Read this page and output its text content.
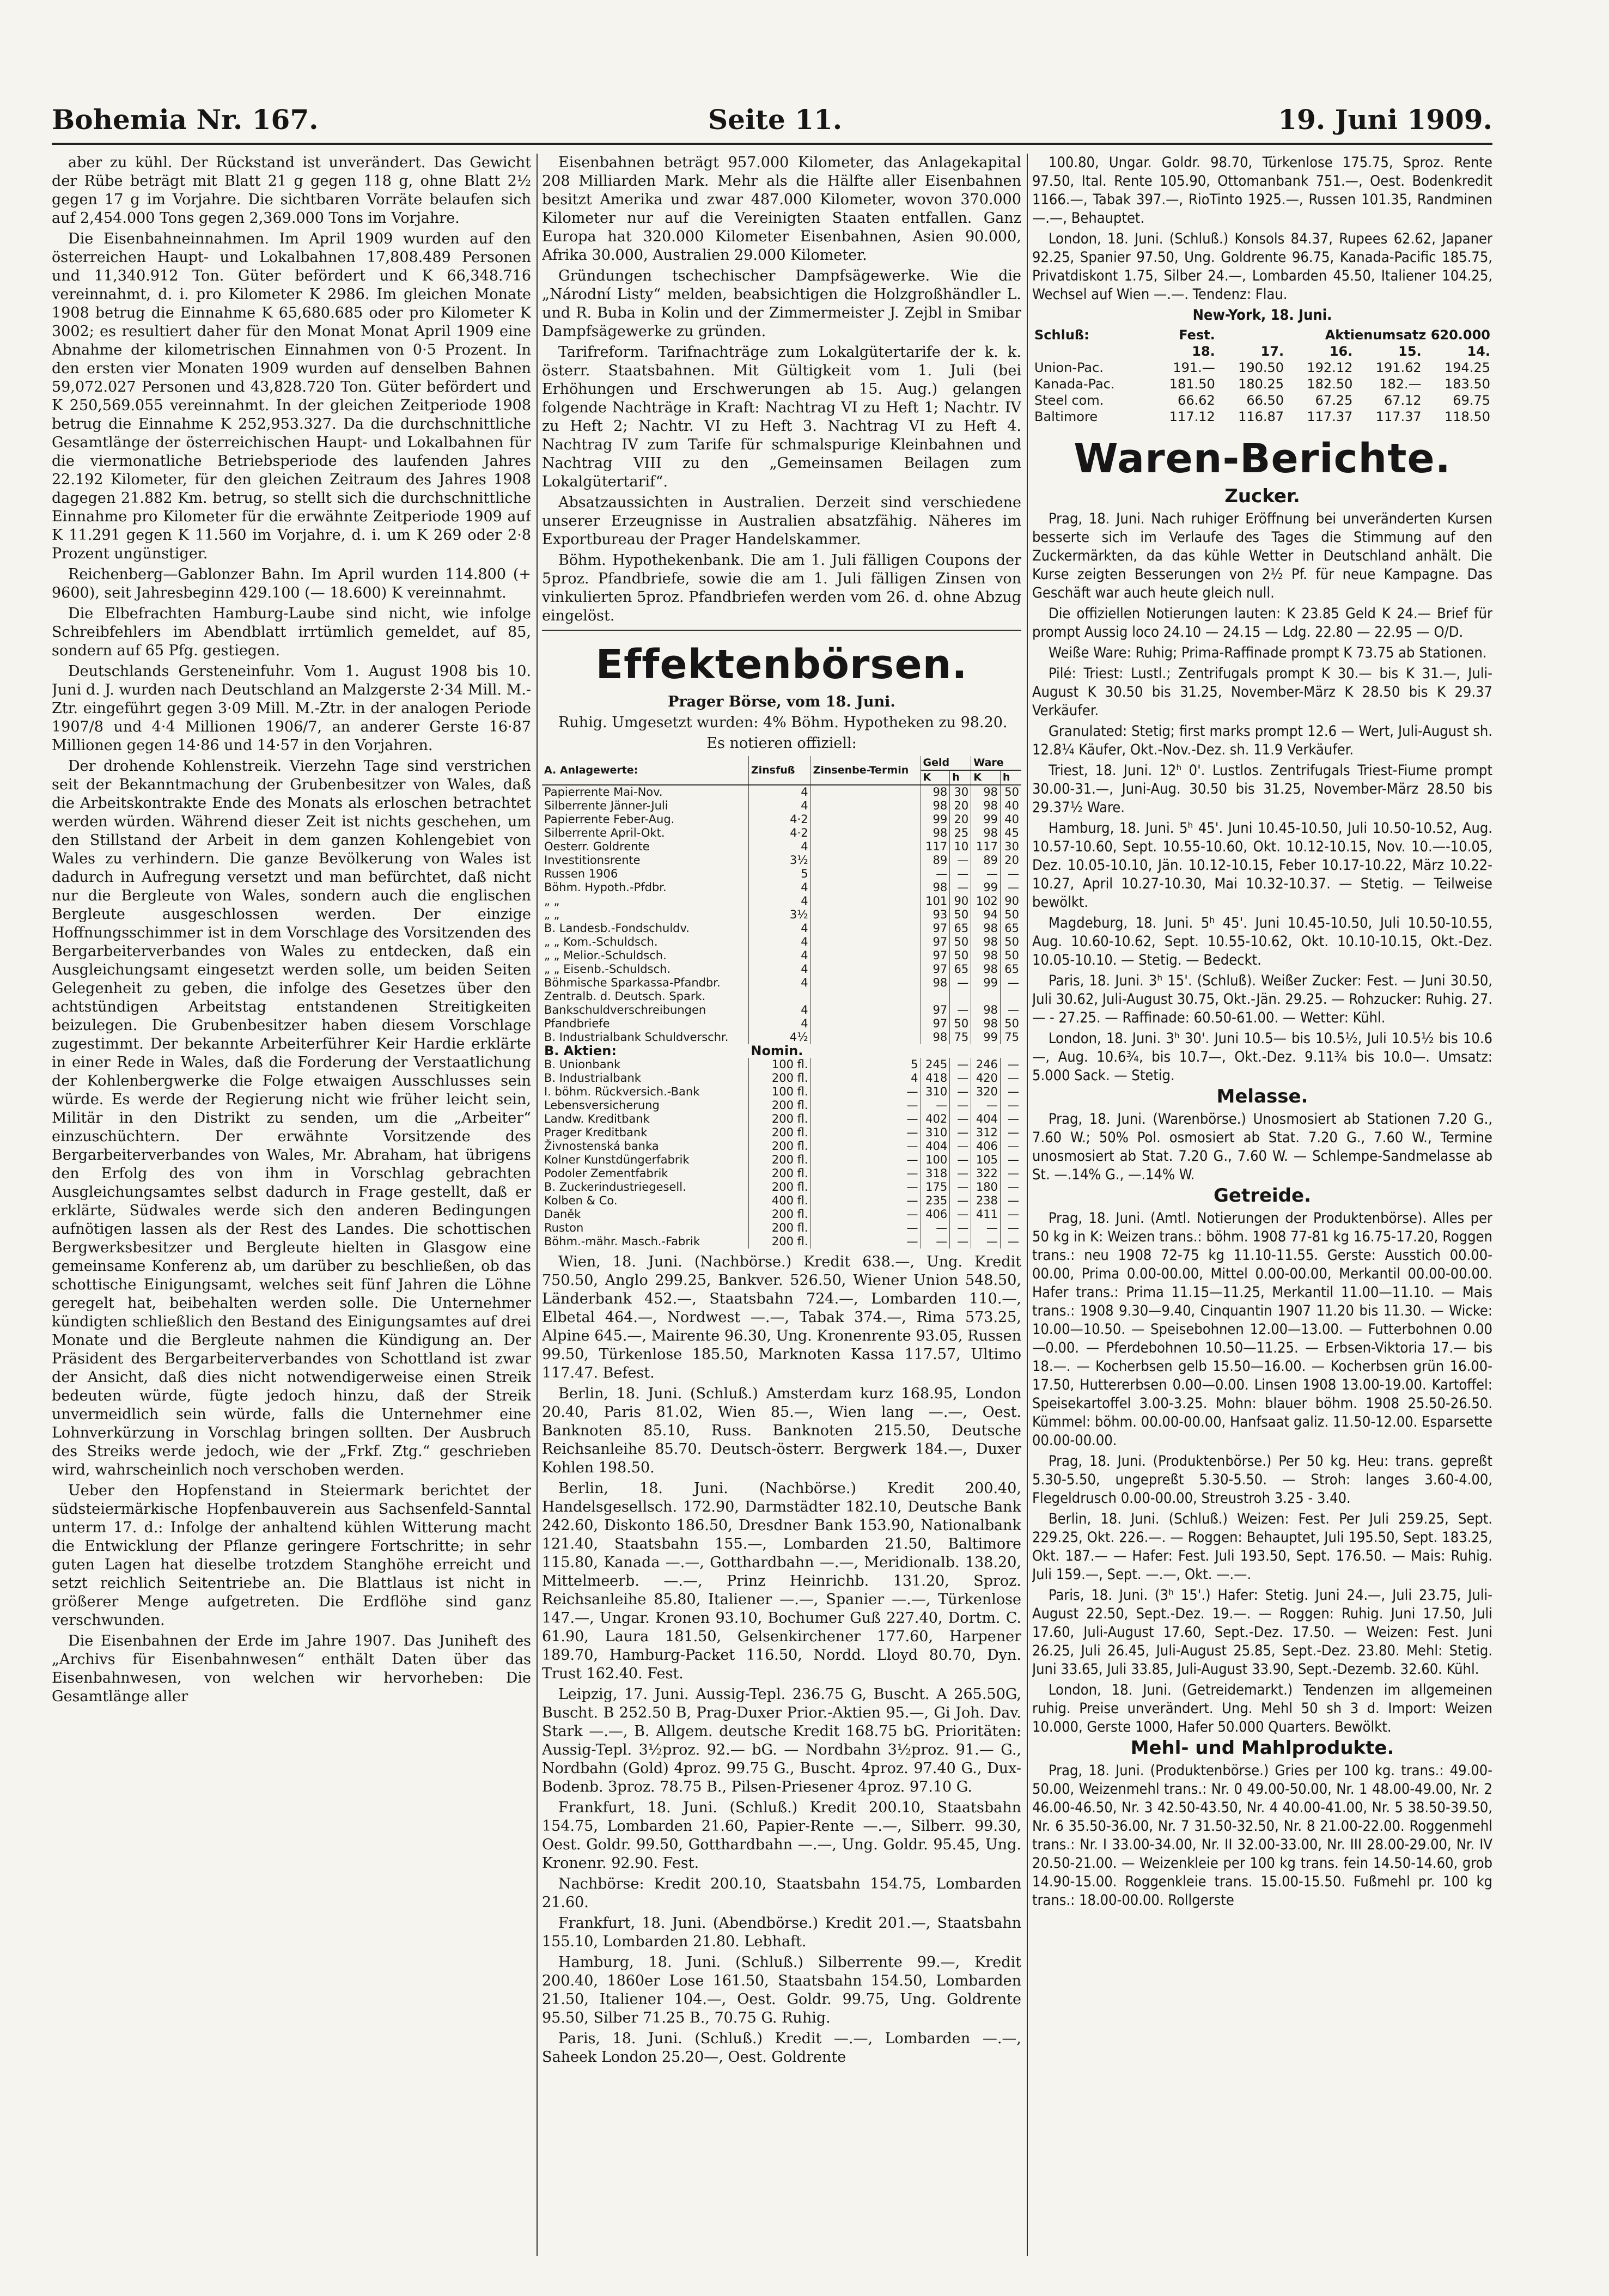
Bohemia Nr. 167.	Seite 11.	19. Juni 1909.

aber zu kühl. Der Rückstand ist unverändert. Das Gewicht der Rübe beträgt mit Blatt 21 g gegen 118 g, ohne Blatt 2½ gegen 17 g im Vorjahre. Die sichtbaren Vorräte belaufen sich auf 2,454.000 Tons gegen 2,369.000 Tons im Vorjahre.

Die Eisenbahneinnahmen. Im April 1909 wurden auf den österreichen Haupt- und Lokalbahnen 17,808.489 Personen und 11,340.912 Ton. Güter befördert und K 66,348.716 vereinnahmt, d. i. pro Kilometer K 2986. Im gleichen Monate 1908 betrug die Einnahme K 65,680.685 oder pro Kilometer K 3002; es resultiert daher für den Monat Monat April 1909 eine Abnahme der kilometrischen Einnahmen von 0·5 Prozent. In den ersten vier Monaten 1909 wurden auf denselben Bahnen 59,072.027 Personen und 43,828.720 Ton. Güter befördert und K 250,569.055 vereinnahmt. In der gleichen Zeitperiode 1908 betrug die Einnahme K 252,953.327. Da die durchschnittliche Gesamtlänge der österreichischen Haupt- und Lokalbahnen für die viermonatliche Betriebsperiode des laufenden Jahres 22.192 Kilometer, für den gleichen Zeitraum des Jahres 1908 dagegen 21.882 Km. betrug, so stellt sich die durchschnittliche Einnahme pro Kilometer für die erwähnte Zeitperiode 1909 auf K 11.291 gegen K 11.560 im Vorjahre, d. i. um K 269 oder 2·8 Prozent ungünstiger.

Reichenberg—Gablonzer Bahn. Im April wurden 114.800 (+ 9600), seit Jahresbeginn 429.100 (— 18.600) K vereinnahmt.

Die Elbefrachten Hamburg-Laube sind nicht, wie infolge Schreibfehlers im Abendblatt irrtümlich gemeldet, auf 85, sondern auf 65 Pfg. gestiegen.

Deutschlands Gersteneinfuhr. Vom 1. August 1908 bis 10. Juni d. J. wurden nach Deutschland an Malzgerste 2·34 Mill. M.-Ztr. eingeführt gegen 3·09 Mill. M.-Ztr. in der analogen Periode 1907/8 und 4·4 Millionen 1906/7, an anderer Gerste 16·87 Millionen gegen 14·86 und 14·57 in den Vorjahren.

Der drohende Kohlenstreik. Vierzehn Tage sind verstrichen seit der Bekanntmachung der Grubenbesitzer von Wales, daß die Arbeitskontrakte Ende des Monats als erloschen betrachtet werden würden. Während dieser Zeit ist nichts geschehen, um den Stillstand der Arbeit in dem ganzen Kohlengebiet von Wales zu verhindern. Die ganze Bevölkerung von Wales ist dadurch in Aufregung versetzt und man befürchtet, daß nicht nur die Bergleute von Wales, sondern auch die englischen Bergleute ausgeschlossen werden. Der einzige Hoffnungsschimmer ist in dem Vorschlage des Vorsitzenden des Bergarbeiterverbandes von Wales zu entdecken, daß ein Ausgleichungsamt eingesetzt werden solle, um beiden Seiten Gelegenheit zu geben, die infolge des Gesetzes über den achtstündigen Arbeitstag entstandenen Streitigkeiten beizulegen. Die Grubenbesitzer haben diesem Vorschlage zugestimmt. Der bekannte Arbeiterführer Keir Hardie erklärte in einer Rede in Wales, daß die Forderung der Verstaatlichung der Kohlenbergwerke die Folge etwaigen Ausschlusses sein würde. Es werde der Regierung nicht wie früher leicht sein, Militär in den Distrikt zu senden, um die „Arbeiter“ einzuschüchtern. Der erwähnte Vorsitzende des Bergarbeiterverbandes von Wales, Mr. Abraham, hat übrigens den Erfolg des von ihm in Vorschlag gebrachten Ausgleichungsamtes selbst dadurch in Frage gestellt, daß er erklärte, Südwales werde sich den anderen Bedingungen aufnötigen lassen als der Rest des Landes. Die schottischen Bergwerksbesitzer und Bergleute hielten in Glasgow eine gemeinsame Konferenz ab, um darüber zu beschließen, ob das schottische Einigungsamt, welches seit fünf Jahren die Löhne geregelt hat, beibehalten werden solle. Die Unternehmer kündigten schließlich den Bestand des Einigungsamtes auf drei Monate und die Bergleute nahmen die Kündigung an. Der Präsident des Bergarbeiterverbandes von Schottland ist zwar der Ansicht, daß dies nicht notwendigerweise einen Streik bedeuten würde, fügte jedoch hinzu, daß der Streik unvermeidlich sein würde, falls die Unternehmer eine Lohnverkürzung in Vorschlag bringen sollten. Der Ausbruch des Streiks werde jedoch, wie der „Frkf. Ztg.“ geschrieben wird, wahrscheinlich noch verschoben werden.

Ueber den Hopfenstand in Steiermark berichtet der südsteiermärkische Hopfenbauverein aus Sachsenfeld-Sanntal unterm 17. d.: Infolge der anhaltend kühlen Witterung macht die Entwicklung der Pflanze geringere Fortschritte; in sehr guten Lagen hat dieselbe trotzdem Stanghöhe erreicht und setzt reichlich Seitentriebe an. Die Blattlaus ist nicht in größerer Menge aufgetreten. Die Erdflöhe sind ganz verschwunden.

Die Eisenbahnen der Erde im Jahre 1907. Das Juniheft des „Archivs für Eisenbahnwesen“ enthält Daten über das Eisenbahnwesen, von welchen wir hervorheben: Die Gesamtlänge aller

Eisenbahnen beträgt 957.000 Kilometer, das Anlagekapital 208 Milliarden Mark. Mehr als die Hälfte aller Eisenbahnen besitzt Amerika und zwar 487.000 Kilometer, wovon 370.000 Kilometer nur auf die Vereinigten Staaten entfallen. Ganz Europa hat 320.000 Kilometer Eisenbahnen, Asien 90.000, Afrika 30.000, Australien 29.000 Kilometer.

Gründungen tschechischer Dampfsägewerke. Wie die „Národní Listy“ melden, beabsichtigen die Holzgroßhändler L. und R. Buba in Kolin und der Zimmermeister J. Zejbl in Smibar Dampfsägewerke zu gründen.

Tarifreform. Tarifnachträge zum Lokalgütertarife der k. k. österr. Staatsbahnen. Mit Gültigkeit vom 1. Juli (bei Erhöhungen und Erschwerungen ab 15. Aug.) gelangen folgende Nachträge in Kraft: Nachtrag VI zu Heft 1; Nachtr. IV zu Heft 2; Nachtr. VI zu Heft 3. Nachtrag VI zu Heft 4. Nachtrag IV zum Tarife für schmalspurige Kleinbahnen und Nachtrag VIII zu den „Gemeinsamen Beilagen zum Lokalgütertarif“.

Absatzaussichten in Australien. Derzeit sind verschiedene unserer Erzeugnisse in Australien absatzfähig. Näheres im Exportbureau der Prager Handelskammer.

Böhm. Hypothekenbank. Die am 1. Juli fälligen Coupons der 5proz. Pfandbriefe, sowie die am 1. Juli fälligen Zinsen von vinkulierten 5proz. Pfandbriefen werden vom 26. d. ohne Abzug eingelöst.

Effektenbörsen.

Prager Börse, vom 18. Juni.

Ruhig. Umgesetzt wurden: 4% Böhm. Hypotheken zu 98.20.

Es notieren offiziell:

A. Anlagewerte:	Zinsfuß	Zinsenbe-Termin	Geld		Ware	
			K	h	K	h
Papierrente Mai-Nov.	4		98	30	98	50
Silberrente Jänner-Juli	4		98	20	98	40
Papierrente Feber-Aug.	4·2		99	20	99	40
Silberrente April-Okt.	4·2		98	25	98	45
Oesterr. Goldrente	4		117	10	117	30
Investitionsrente	3½		89	—	89	20
Russen 1906	5		—	—	—	—
Böhm. Hypoth.-Pfdbr.	4		98	—	99	—
„ „	4		101	90	102	90
„ „	3½		93	50	94	50
B. Landesb.-Fondschuldv.	4		97	65	98	65
„ „ Kom.-Schuldsch.	4		97	50	98	50
„ „ Melior.-Schuldsch.	4		97	50	98	50
„ „ Eisenb.-Schuldsch.	4		97	65	98	65
Böhmische Sparkassa-Pfandbr.	4		98	—	99	—
Zentralb. d. Deutsch. Spark.						
Bankschuldverschreibungen	4		97	—	98	—
Pfandbriefe	4		97	50	98	50
B. Industrialbank Schuldverschr.	4½		98	75	99	75
B. Aktien:	Nomin.					
B. Unionbank	100 fl.	5	245	—	246	—
B. Industrialbank	200 fl.	4	418	—	420	—
I. böhm. Rückversich.-Bank	100 fl.	—	310	—	320	—
Lebensversicherung	200 fl.	—	—	—	—	—
Landw. Kreditbank	200 fl.	—	402	—	404	—
Prager Kreditbank	200 fl.	—	310	—	312	—
Živnostenská banka	200 fl.	—	404	—	406	—
Kolner Kunstdüngerfabrik	200 fl.	—	100	—	105	—
Podoler Zementfabrik	200 fl.	—	318	—	322	—
B. Zuckerindustriegesell.	200 fl.	—	175	—	180	—
Kolben & Co.	400 fl.	—	235	—	238	—
Daněk	200 fl.	—	406	—	411	—
Ruston	200 fl.	—	—	—	—	—
Böhm.-mähr. Masch.-Fabrik	200 fl.	—	—	—	—	—

Wien, 18. Juni. (Nachbörse.) Kredit 638.—, Ung. Kredit 750.50, Anglo 299.25, Bankver. 526.50, Wiener Union 548.50, Länderbank 452.—, Staatsbahn 724.—, Lombarden 110.—, Elbetal 464.—, Nordwest —.—, Tabak 374.—, Rima 573.25, Alpine 645.—, Mairente 96.30, Ung. Kronenrente 93.05, Russen 99.50, Türkenlose 185.50, Marknoten Kassa 117.57, Ultimo 117.47. Befest.

Berlin, 18. Juni. (Schluß.) Amsterdam kurz 168.95, London 20.40, Paris 81.02, Wien 85.—, Wien lang —.—, Oest. Banknoten 85.10, Russ. Banknoten 215.50, Deutsche Reichsanleihe 85.70. Deutsch-österr. Bergwerk 184.—, Duxer Kohlen 198.50.

Berlin, 18. Juni. (Nachbörse.) Kredit 200.40, Handelsgesellsch. 172.90, Darmstädter 182.10, Deutsche Bank 242.60, Diskonto 186.50, Dresdner Bank 153.90, Nationalbank 121.40, Staatsbahn 155.—, Lombarden 21.50, Baltimore 115.80, Kanada —.—, Gotthardbahn —.—, Meridionalb. 138.20, Mittelmeerb. —.—, Prinz Heinrichb. 131.20, Sproz. Reichsanleihe 85.80, Italiener —.—, Spanier —.—, Türkenlose 147.—, Ungar. Kronen 93.10, Bochumer Guß 227.40, Dortm. C. 61.90, Laura 181.50, Gelsenkirchener 177.60, Harpener 189.70, Hamburg-Packet 116.50, Nordd. Lloyd 80.70, Dyn. Trust 162.40. Fest.

Leipzig, 17. Juni. Aussig-Tepl. 236.75 G, Buscht. A 265.50G, Buscht. B 252.50 B, Prag-Duxer Prior.-Aktien 95.—, Gi Joh. Dav. Stark —.—, B. Allgem. deutsche Kredit 168.75 bG. Prioritäten: Aussig-Tepl. 3½proz. 92.— bG. — Nordbahn 3½proz. 91.— G., Nordbahn (Gold) 4proz. 99.75 G., Buscht. 4proz. 97.40 G., Dux-Bodenb. 3proz. 78.75 B., Pilsen-Priesener 4proz. 97.10 G.

Frankfurt, 18. Juni. (Schluß.) Kredit 200.10, Staatsbahn 154.75, Lombarden 21.60, Papier-Rente —.—, Silberr. 99.30, Oest. Goldr. 99.50, Gotthardbahn —.—, Ung. Goldr. 95.45, Ung. Kronenr. 92.90. Fest.

Nachbörse: Kredit 200.10, Staatsbahn 154.75, Lombarden 21.60.

Frankfurt, 18. Juni. (Abendbörse.) Kredit 201.—, Staatsbahn 155.10, Lombarden 21.80. Lebhaft.

Hamburg, 18. Juni. (Schluß.) Silberrente 99.—, Kredit 200.40, 1860er Lose 161.50, Staatsbahn 154.50, Lombarden 21.50, Italiener 104.—, Oest. Goldr. 99.75, Ung. Goldrente 95.50, Silber 71.25 B., 70.75 G. Ruhig.

Paris, 18. Juni. (Schluß.) Kredit —.—, Lombarden —.—, Saheek London 25.20—, Oest. Goldrente

100.80, Ungar. Goldr. 98.70, Türkenlose 175.75, Sproz. Rente 97.50, Ital. Rente 105.90, Ottomanbank 751.—, Oest. Bodenkredit 1166.—, Tabak 397.—, RioTinto 1925.—, Russen 101.35, Randminen —.—, Behauptet.

London, 18. Juni. (Schluß.) Konsols 84.37, Rupees 62.62, Japaner 92.25, Spanier 97.50, Ung. Goldrente 96.75, Kanada-Pacific 185.75, Privatdiskont 1.75, Silber 24.—, Lombarden 45.50, Italiener 104.25, Wechsel auf Wien —.—. Tendenz: Flau.

New-York, 18. Juni.

Schluß:	Fest.	Aktienumsatz 620.000			
	18.	17.	16.	15.	14.
Union-Pac.	191.—	190.50	192.12	191.62	194.25
Kanada-Pac.	181.50	180.25	182.50	182.—	183.50
Steel com.	66.62	66.50	67.25	67.12	69.75
Baltimore	117.12	116.87	117.37	117.37	118.50
Waren-Berichte.
Zucker.

Prag, 18. Juni. Nach ruhiger Eröffnung bei unveränderten Kursen besserte sich im Verlaufe des Tages die Stimmung auf den Zuckermärkten, da das kühle Wetter in Deutschland anhält. Die Kurse zeigten Besserungen von 2½ Pf. für neue Kampagne. Das Geschäft war auch heute gleich null.

Die offiziellen Notierungen lauten: K 23.85 Geld K 24.— Brief für prompt Aussig loco 24.10 — 24.15 — Ldg. 22.80 — 22.95 — O/D.

Weiße Ware: Ruhig; Prima-Raffinade prompt K 73.75 ab Stationen.

Pilé: Triest: Lustl.; Zentrifugals prompt K 30.— bis K 31.—, Juli-August K 30.50 bis 31.25, November-März K 28.50 bis K 29.37 Verkäufer.

Granulated: Stetig; first marks prompt 12.6 — Wert, Juli-August sh. 12.8¼ Käufer, Okt.-Nov.-Dez. sh. 11.9 Verkäufer.

Triest, 18. Juni. 12ʰ 0'. Lustlos. Zentrifugals Triest-Fiume prompt 30.00-31.—, Juni-Aug. 30.50 bis 31.25, November-März 28.50 bis 29.37½ Ware.

Hamburg, 18. Juni. 5ʰ 45'. Juni 10.45-10.50, Juli 10.50-10.52, Aug. 10.57-10.60, Sept. 10.55-10.60, Okt. 10.12-10.15, Nov. 10.—-10.05, Dez. 10.05-10.10, Jän. 10.12-10.15, Feber 10.17-10.22, März 10.22-10.27, April 10.27-10.30, Mai 10.32-10.37. — Stetig. — Teilweise bewölkt.

Magdeburg, 18. Juni. 5ʰ 45'. Juni 10.45-10.50, Juli 10.50-10.55, Aug. 10.60-10.62, Sept. 10.55-10.62, Okt. 10.10-10.15, Okt.-Dez. 10.05-10.10. — Stetig. — Bedeckt.

Paris, 18. Juni. 3ʰ 15'. (Schluß). Weißer Zucker: Fest. — Juni 30.50, Juli 30.62, Juli-August 30.75, Okt.-Jän. 29.25. — Rohzucker: Ruhig. 27.— - 27.25. — Raffinade: 60.50-61.00. — Wetter: Kühl.

London, 18. Juni. 3ʰ 30'. Juni 10.5— bis 10.5½, Juli 10.5½ bis 10.6—, Aug. 10.6¾, bis 10.7—, Okt.-Dez. 9.11¾ bis 10.0—. Umsatz: 5.000 Sack. — Stetig.

Melasse.

Prag, 18. Juni. (Warenbörse.) Unosmosiert ab Stationen 7.20 G., 7.60 W.; 50% Pol. osmosiert ab Stat. 7.20 G., 7.60 W., Termine unosmosiert ab Stat. 7.20 G., 7.60 W. — Schlempe-Sandmelasse ab St. —.14% G., —.14% W.

Getreide.

Prag, 18. Juni. (Amtl. Notierungen der Produktenbörse). Alles per 50 kg in K: Weizen trans.: böhm. 1908 77-81 kg 16.75-17.20, Roggen trans.: neu 1908 72-75 kg 11.10-11.55. Gerste: Ausstich 00.00-00.00, Prima 0.00-00.00, Mittel 0.00-00.00, Merkantil 00.00-00.00. Hafer trans.: Prima 11.15—11.25, Merkantil 11.00—11.10. — Mais trans.: 1908 9.30—9.40, Cinquantin 1907 11.20 bis 11.30. — Wicke: 10.00—10.50. — Speisebohnen 12.00—13.00. — Futterbohnen 0.00—0.00. — Pferdebohnen 10.50—11.25. — Erbsen-Viktoria 17.— bis 18.—. — Kocherbsen gelb 15.50—16.00. — Kocherbsen grün 16.00-17.50, Huttererbsen 0.00—0.00. Linsen 1908 13.00-19.00. Kartoffel: Speisekartoffel 3.00-3.25. Mohn: blauer böhm. 1908 25.50-26.50. Kümmel: böhm. 00.00-00.00, Hanfsaat galiz. 11.50-12.00. Esparsette 00.00-00.00.

Prag, 18. Juni. (Produktenbörse.) Per 50 kg. Heu: trans. gepreßt 5.30-5.50, ungepreßt 5.30-5.50. — Stroh: langes 3.60-4.00, Flegeldrusch 0.00-00.00, Streustroh 3.25 - 3.40.

Berlin, 18. Juni. (Schluß.) Weizen: Fest. Per Juli 259.25, Sept. 229.25, Okt. 226.—. — Roggen: Behauptet, Juli 195.50, Sept. 183.25, Okt. 187.— — Hafer: Fest. Juli 193.50, Sept. 176.50. — Mais: Ruhig. Juli 159.—, Sept. —.—, Okt. —.—.

Paris, 18. Juni. (3ʰ 15'.) Hafer: Stetig. Juni 24.—, Juli 23.75, Juli-August 22.50, Sept.-Dez. 19.—. — Roggen: Ruhig. Juni 17.50, Juli 17.60, Juli-August 17.60, Sept.-Dez. 17.50. — Weizen: Fest. Juni 26.25, Juli 26.45, Juli-August 25.85, Sept.-Dez. 23.80. Mehl: Stetig. Juni 33.65, Juli 33.85, Juli-August 33.90, Sept.-Dezemb. 32.60. Kühl.

London, 18. Juni. (Getreidemarkt.) Tendenzen im allgemeinen ruhig. Preise unverändert. Ung. Mehl 50 sh 3 d. Import: Weizen 10.000, Gerste 1000, Hafer 50.000 Quarters. Bewölkt.

Mehl- und Mahlprodukte.

Prag, 18. Juni. (Produktenbörse.) Gries per 100 kg. trans.: 49.00-50.00, Weizenmehl trans.: Nr. 0 49.00-50.00, Nr. 1 48.00-49.00, Nr. 2 46.00-46.50, Nr. 3 42.50-43.50, Nr. 4 40.00-41.00, Nr. 5 38.50-39.50, Nr. 6 35.50-36.00, Nr. 7 31.50-32.50, Nr. 8 21.00-22.00. Roggenmehl trans.: Nr. I 33.00-34.00, Nr. II 32.00-33.00, Nr. III 28.00-29.00, Nr. IV 20.50-21.00. — Weizenkleie per 100 kg trans. fein 14.50-14.60, grob 14.90-15.00. Roggenkleie trans. 15.00-15.50. Fußmehl pr. 100 kg trans.: 18.00-00.00. Rollgerste
